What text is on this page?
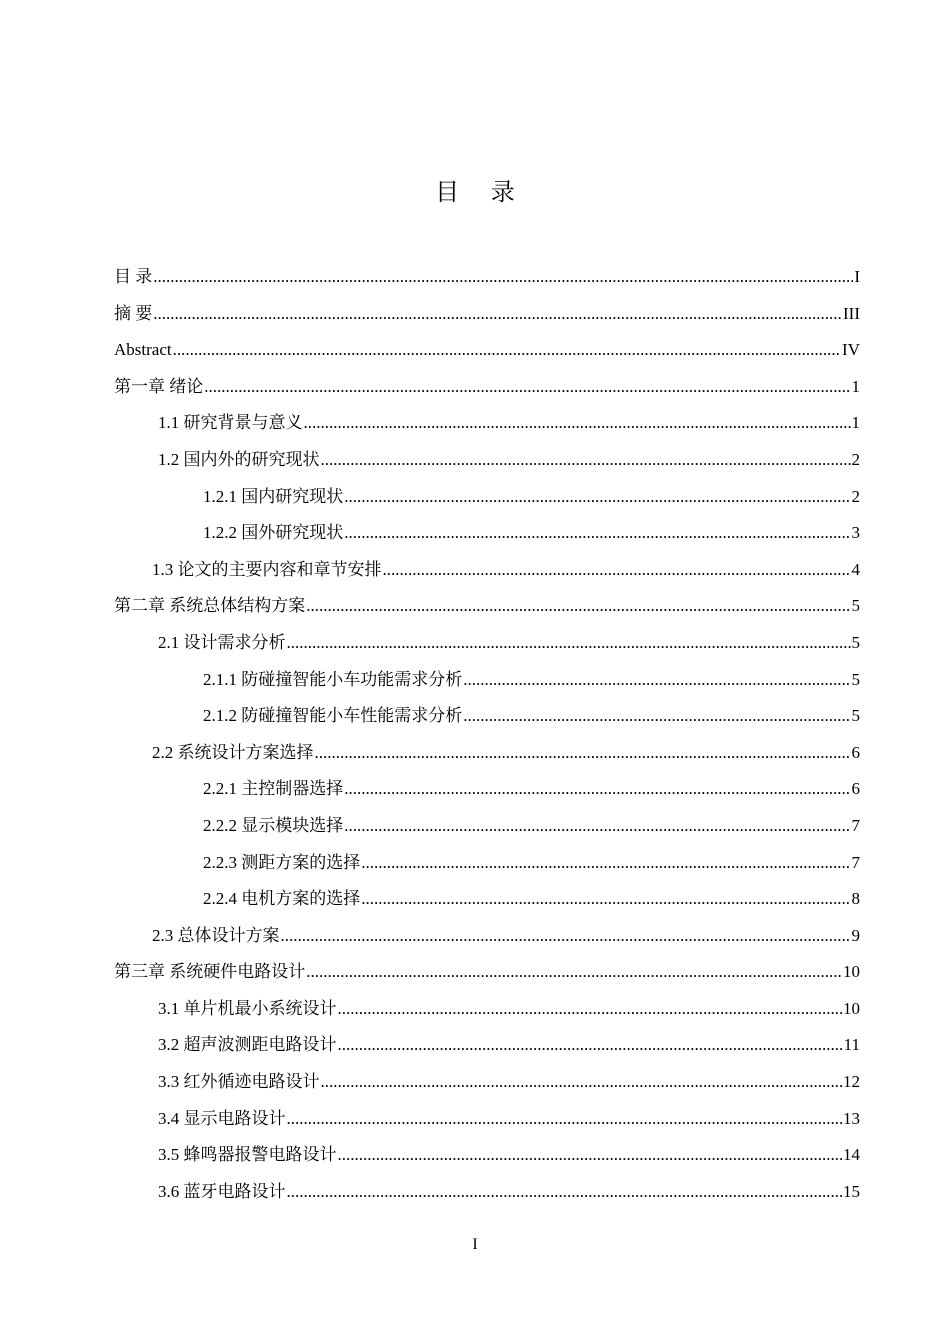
目 录
目 录 .....	I
摘 要 .....	III
Abstract .....	IV
第一章 绪论 .....	1
1.1 研究背景与意义 .....	1
1.2 国内外的研究现状 .....	2
1.2.1 国内研究现状 .....	2
1.2.2 国外研究现状 .....	3
1.3 论文的主要内容和章节安排 .....	4
第二章 系统总体结构方案 .....	5
2.1 设计需求分析 .....	5
2.1.1 防碰撞智能小车功能需求分析 .....	5
2.1.2 防碰撞智能小车性能需求分析 .....	5
2.2 系统设计方案选择 .....	6
2.2.1 主控制器选择 .....	6
2.2.2 显示模块选择 .....	7
2.2.3 测距方案的选择 .....	7
2.2.4 电机方案的选择 .....	8
2.3 总体设计方案 .....	9
第三章 系统硬件电路设计 .....	10
3.1 单片机最小系统设计 .....	10
3.2 超声波测距电路设计 .....	11
3.3 红外循迹电路设计 .....	12
3.4 显示电路设计 .....	13
3.5 蜂鸣器报警电路设计 .....	14
3.6 蓝牙电路设计 .....	15
I
